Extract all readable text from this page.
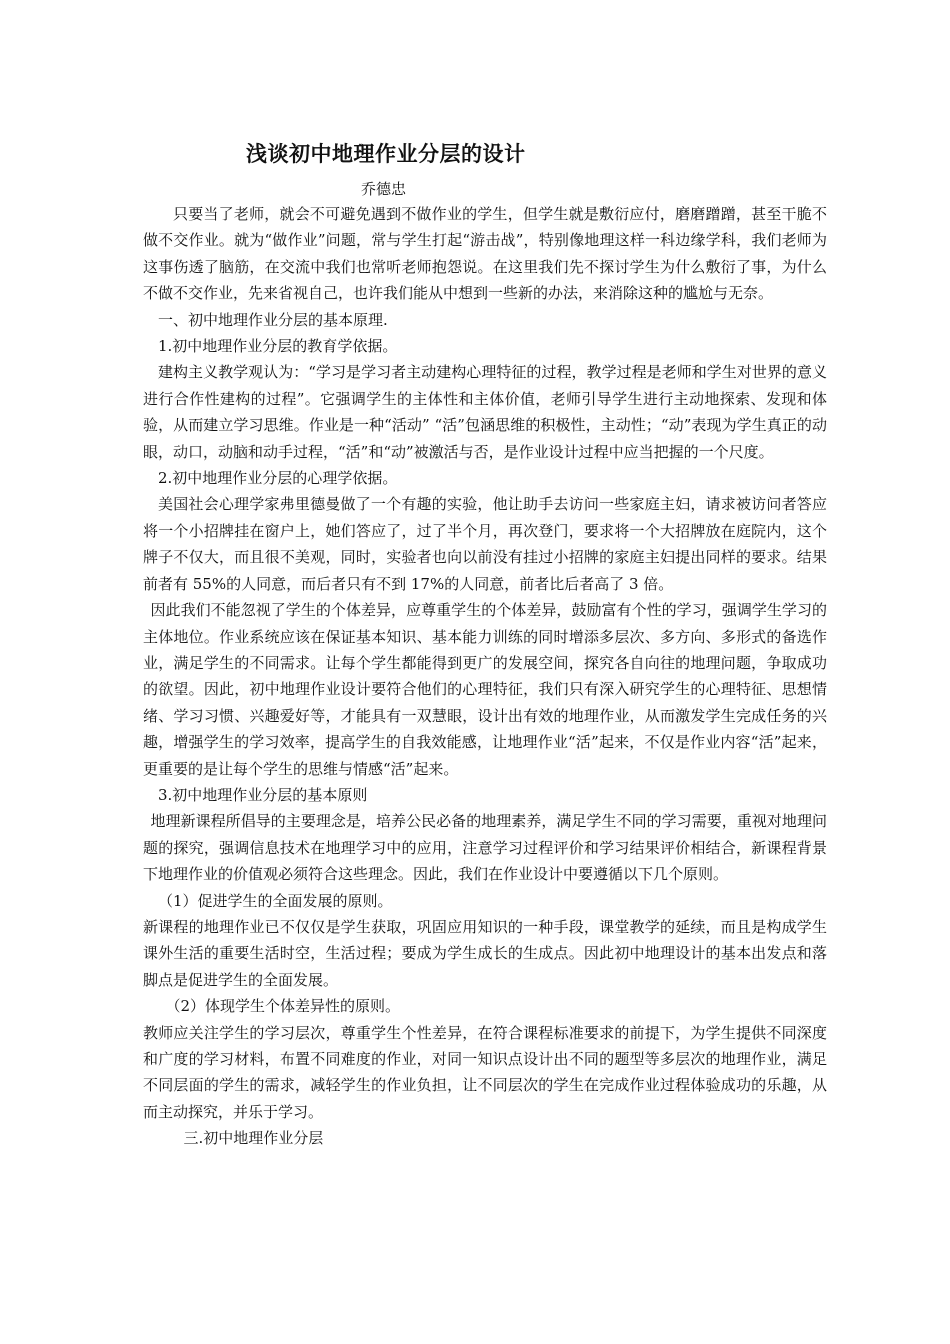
浅谈初中地理作业分层的设计
乔德忠

只要当了老师，就会不可避免遇到不做作业的学生，但学生就是敷衍应付，磨磨蹭蹭，甚至干脆不做不交作业。就为“做作业”问题，常与学生打起“游击战”，特别像地理这样一科边缘学科，我们老师为这事伤透了脑筋，在交流中我们也常听老师抱怨说。在这里我们先不探讨学生为什么敷衍了事，为什么不做不交作业，先来省视自己，也许我们能从中想到一些新的办法，来消除这种的尴尬与无奈。

一、初中地理作业分层的基本原理.

1.初中地理作业分层的教育学依据。

建构主义教学观认为：“学习是学习者主动建构心理特征的过程，教学过程是老师和学生对世界的意义进行合作性建构的过程”。它强调学生的主体性和主体价值，老师引导学生进行主动地探索、发现和体验，从而建立学习思维。作业是一种“活动” “活”包涵思维的积极性，主动性；“动”表现为学生真正的动眼，动口，动脑和动手过程，“活”和“动”被激活与否，是作业设计过程中应当把握的一个尺度。

2.初中地理作业分层的心理学依据。

美国社会心理学家弗里德曼做了一个有趣的实验，他让助手去访问一些家庭主妇，请求被访问者答应将一个小招牌挂在窗户上，她们答应了，过了半个月，再次登门，要求将一个大招牌放在庭院内，这个牌子不仅大，而且很不美观，同时，实验者也向以前没有挂过小招牌的家庭主妇提出同样的要求。结果前者有 55%的人同意，而后者只有不到 17%的人同意，前者比后者高了 3 倍。

因此我们不能忽视了学生的个体差异，应尊重学生的个体差异，鼓励富有个性的学习，强调学生学习的主体地位。作业系统应该在保证基本知识、基本能力训练的同时增添多层次、多方向、多形式的备选作业，满足学生的不同需求。让每个学生都能得到更广的发展空间，探究各自向往的地理问题，争取成功的欲望。因此，初中地理作业设计要符合他们的心理特征，我们只有深入研究学生的心理特征、思想情绪、学习习惯、兴趣爱好等，才能具有一双慧眼，设计出有效的地理作业，从而激发学生完成任务的兴趣，增强学生的学习效率，提高学生的自我效能感，让地理作业“活”起来，不仅是作业内容“活”起来，更重要的是让每个学生的思维与情感“活”起来。

3.初中地理作业分层的基本原则

地理新课程所倡导的主要理念是，培养公民必备的地理素养，满足学生不同的学习需要，重视对地理问题的探究，强调信息技术在地理学习中的应用，注意学习过程评价和学习结果评价相结合，新课程背景下地理作业的价值观必须符合这些理念。因此，我们在作业设计中要遵循以下几个原则。

（1）促进学生的全面发展的原则。

新课程的地理作业已不仅仅是学生获取，巩固应用知识的一种手段，课堂教学的延续，而且是构成学生课外生活的重要生活时空，生活过程；要成为学生成长的生成点。因此初中地理设计的基本出发点和落脚点是促进学生的全面发展。

（2）体现学生个体差异性的原则。

教师应关注学生的学习层次，尊重学生个性差异，在符合课程标准要求的前提下，为学生提供不同深度和广度的学习材料，布置不同难度的作业，对同一知识点设计出不同的题型等多层次的地理作业，满足不同层面的学生的需求，减轻学生的作业负担，让不同层次的学生在完成作业过程体验成功的乐趣，从而主动探究，并乐于学习。

三.初中地理作业分层
